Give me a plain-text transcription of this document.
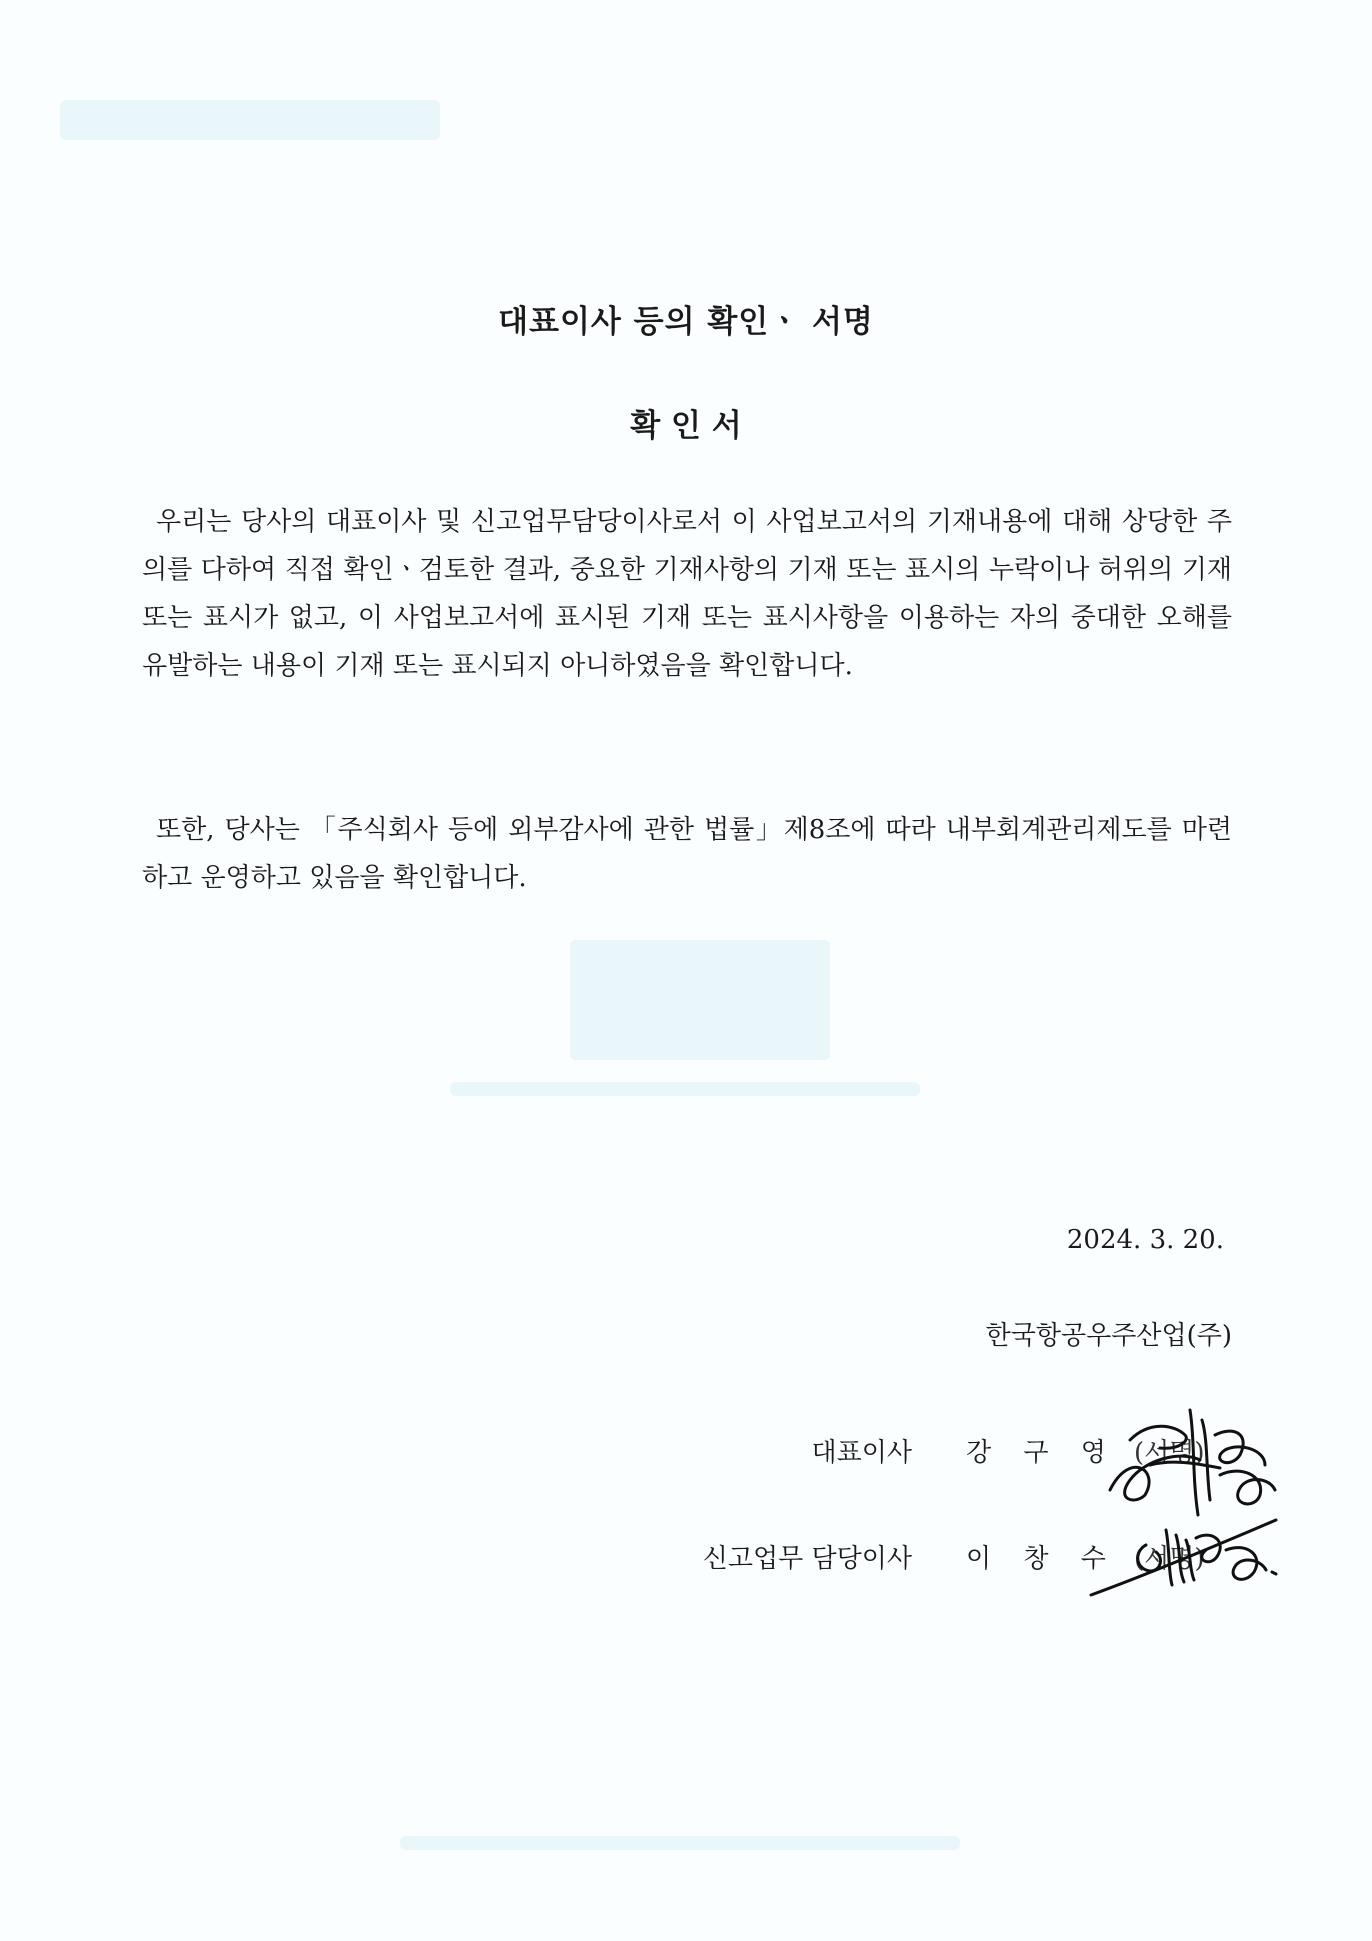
대표이사 등의 확인ㆍ 서명
확 인 서

우리는 당사의 대표이사 및 신고업무담당이사로서 이 사업보고서의 기재내용에 대해 상당한 주의를 다하여 직접 확인ㆍ검토한 결과, 중요한 기재사항의 기재 또는 표시의 누락이나 허위의 기재 또는 표시가 없고, 이 사업보고서에 표시된 기재 또는 표시사항을 이용하는 자의 중대한 오해를 유발하는 내용이 기재 또는 표시되지 아니하였음을 확인합니다.

또한, 당사는 「주식회사 등에 외부감사에 관한 법률」제8조에 따라 내부회계관리제도를 마련하고 운영하고 있음을 확인합니다.

2024. 3. 20.

한국항공우주산업(주)

대표이사 강 구 영 (서명)
신고업무 담당이사 이 창 수 (서명)
